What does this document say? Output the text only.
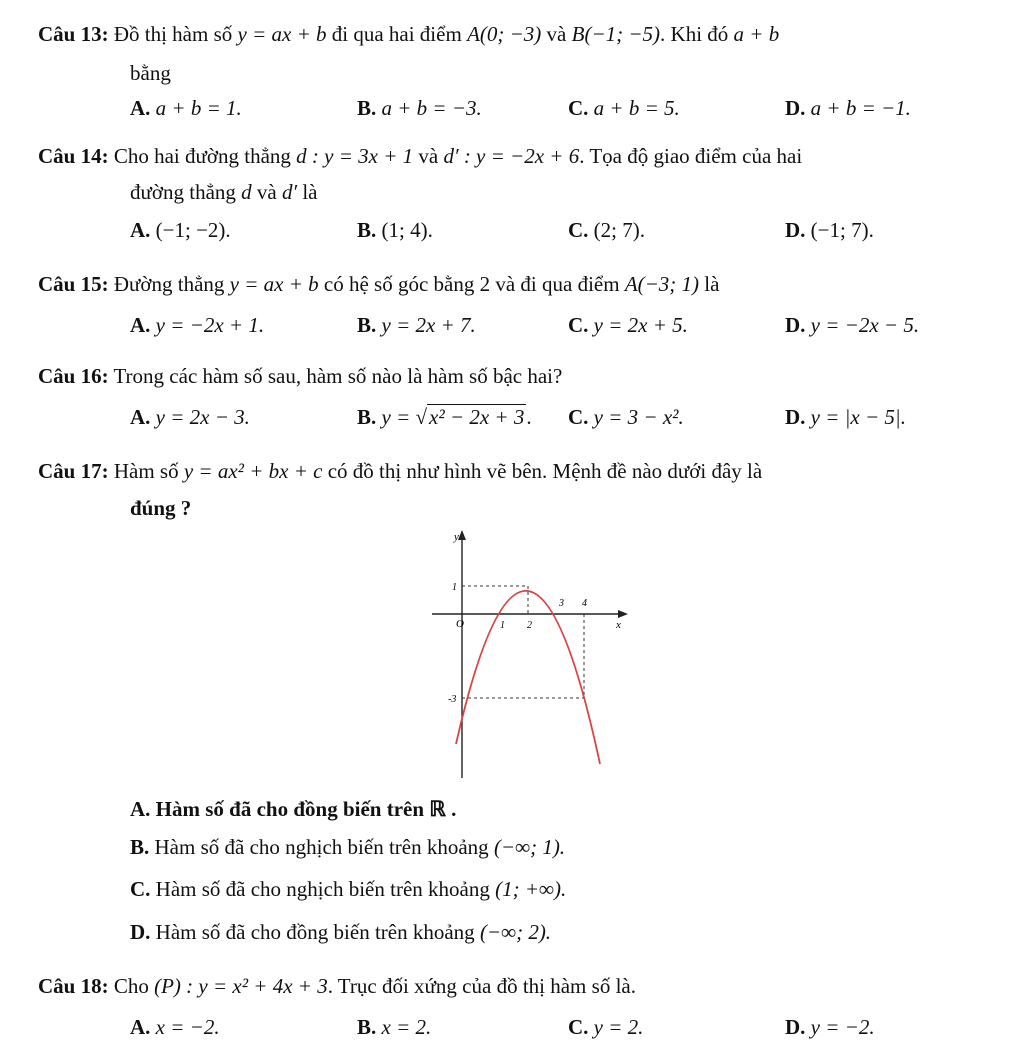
Câu 13: Đồ thị hàm số y = ax + b đi qua hai điểm A(0; −3) và B(−1; −5). Khi đó a + b
bằng
A. a + b = 1.	B. a + b = −3.	C. a + b = 5.	D. a + b = −1.
Câu 14: Cho hai đường thẳng d : y = 3x + 1 và d′ : y = −2x + 6. Tọa độ giao điểm của hai
đường thẳng d và d′ là
A. (−1; −2).	B. (1; 4).	C. (2; 7).	D. (−1; 7).
Câu 15: Đường thẳng y = ax + b có hệ số góc bằng 2 và đi qua điểm A(−3; 1) là
A. y = −2x + 1.	B. y = 2x + 7.	C. y = 2x + 5.	D. y = −2x − 5.
Câu 16: Trong các hàm số sau, hàm số nào là hàm số bậc hai?
A. y = 2x − 3.	B. y = √x² − 2x + 3. C. y = 3 − x².	D. y = |x − 5|.
Câu 17: Hàm số y = ax² + bx + c có đồ thị như hình vẽ bên. Mệnh đề nào dưới đây là
đúng ?
y
x
O	1 2
3 4
1
-3
A. Hàm số đã cho đồng biến trên ℝ .
B. Hàm số đã cho nghịch biến trên khoảng (−∞; 1).
C. Hàm số đã cho nghịch biến trên khoảng (1; +∞).
D. Hàm số đã cho đồng biến trên khoảng (−∞; 2).
Câu 18: Cho (P) : y = x² + 4x + 3. Trục đối xứng của đồ thị hàm số là.
A. x = −2.	B. x = 2.	C. y = 2.	D. y = −2.
